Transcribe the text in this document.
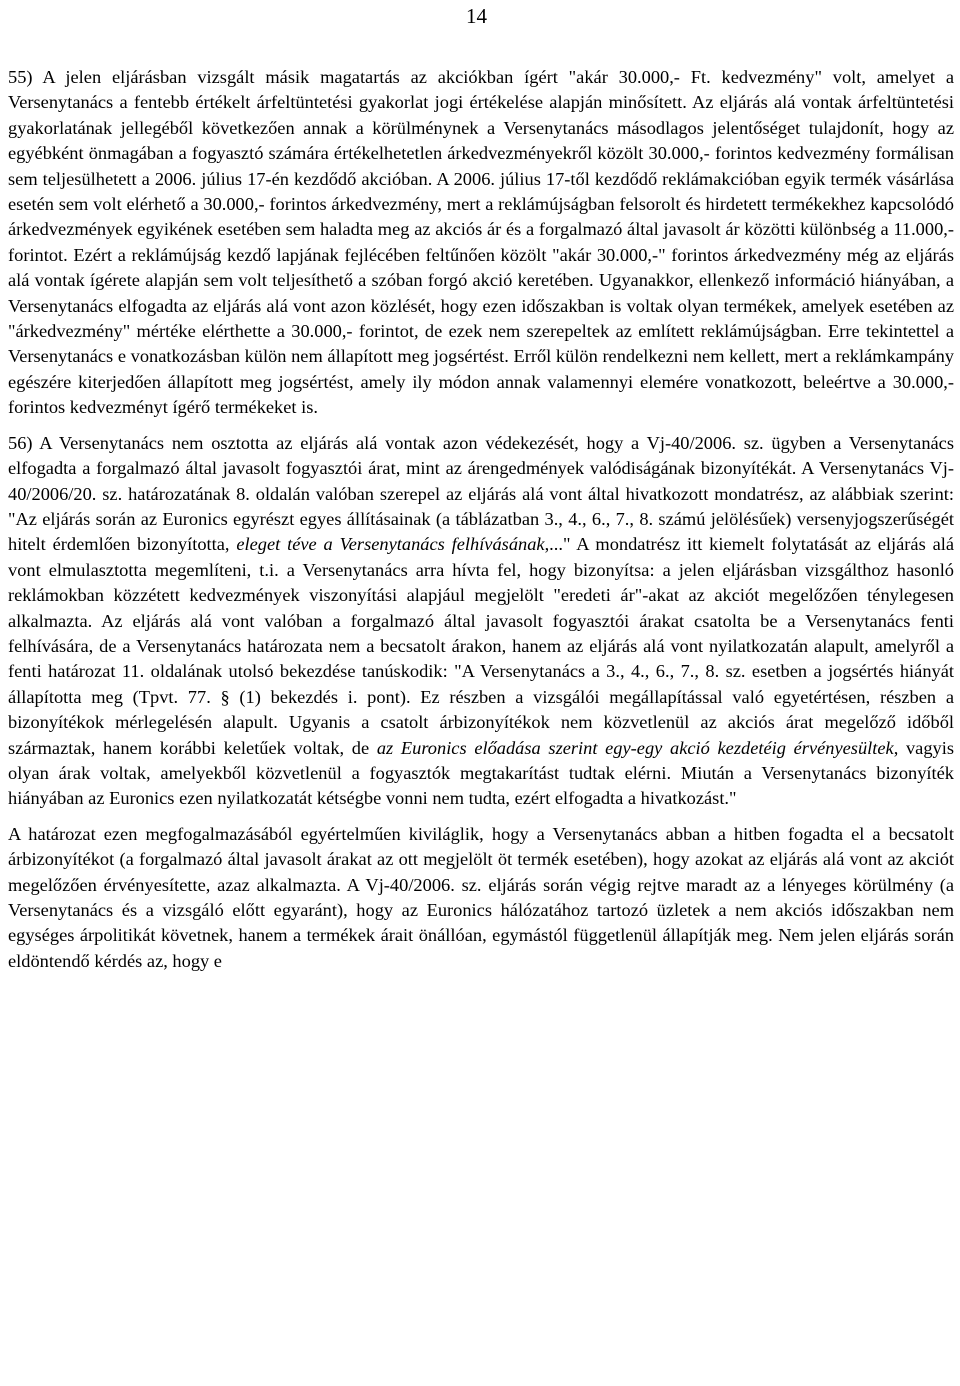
14

55) A jelen eljárásban vizsgált másik magatartás az akciókban ígért "akár 30.000,- Ft. kedvezmény" volt, amelyet a Versenytanács a fentebb értékelt árfeltüntetési gyakorlat jogi értékelése alapján minősített. Az eljárás alá vontak árfeltüntetési gyakorlatának jellegéből következően annak a körülménynek a Versenytanács másodlagos jelentőséget tulajdonít, hogy az egyébként önmagában a fogyasztó számára értékelhetetlen árkedvezményekről közölt 30.000,- forintos kedvezmény formálisan sem teljesülhetett a 2006. július 17-én kezdődő akcióban. A 2006. július 17-től kezdődő reklámakcióban egyik termék vásárlása esetén sem volt elérhető a 30.000,- forintos árkedvezmény, mert a reklámújságban felsorolt és hirdetett termékekhez kapcsolódó árkedvezmények egyikének esetében sem haladta meg az akciós ár és a forgalmazó által javasolt ár közötti különbség a 11.000,- forintot. Ezért a reklámújság kezdő lapjának fejlécében feltűnően közölt "akár 30.000,-" forintos árkedvezmény még az eljárás alá vontak ígérete alapján sem volt teljesíthető a szóban forgó akció keretében. Ugyanakkor, ellenkező információ hiányában, a Versenytanács elfogadta az eljárás alá vont azon közlését, hogy ezen időszakban is voltak olyan termékek, amelyek esetében az "árkedvezmény" mértéke elérthette a 30.000,- forintot, de ezek nem szerepeltek az említett reklámújságban. Erre tekintettel a Versenytanács e vonatkozásban külön nem állapított meg jogsértést. Erről külön rendelkezni nem kellett, mert a reklámkampány egészére kiterjedően állapított meg jogsértést, amely ily módon annak valamennyi elemére vonatkozott, beleértve a 30.000,- forintos kedvezményt ígérő termékeket is.

56) A Versenytanács nem osztotta az eljárás alá vontak azon védekezését, hogy a Vj-40/2006. sz. ügyben a Versenytanács elfogadta a forgalmazó által javasolt fogyasztói árat, mint az árengedmények valódiságának bizonyítékát. A Versenytanács Vj-40/2006/20. sz. határozatának 8. oldalán valóban szerepel az eljárás alá vont által hivatkozott mondatrész, az alábbiak szerint: "Az eljárás során az Euronics egyrészt egyes állításainak (a táblázatban 3., 4., 6., 7., 8. számú jelölésűek) versenyjogszerűségét hitelt érdemlően bizonyította, eleget téve a Versenytanács felhívásának,..." A mondatrész itt kiemelt folytatását az eljárás alá vont elmulasztotta megemlíteni, t.i. a Versenytanács arra hívta fel, hogy bizonyítsa: a jelen eljárásban vizsgálthoz hasonló reklámokban közzétett kedvezmények viszonyítási alapjául megjelölt "eredeti ár"-akat az akciót megelőzően ténylegesen alkalmazta. Az eljárás alá vont valóban a forgalmazó által javasolt fogyasztói árakat csatolta be a Versenytanács fenti felhívására, de a Versenytanács határozata nem a becsatolt árakon, hanem az eljárás alá vont nyilatkozatán alapult, amelyről a fenti határozat 11. oldalának utolsó bekezdése tanúskodik: "A Versenytanács a 3., 4., 6., 7., 8. sz. esetben a jogsértés hiányát állapította meg (Tpvt. 77. § (1) bekezdés i. pont). Ez részben a vizsgálói megállapítással való egyetértésen, részben a bizonyítékok mérlegelésén alapult. Ugyanis a csatolt árbizonyítékok nem közvetlenül az akciós árat megelőző időből származtak, hanem korábbi keletűek voltak, de az Euronics előadása szerint egy-egy akció kezdetéig érvényesültek, vagyis olyan árak voltak, amelyekből közvetlenül a fogyasztók megtakarítást tudtak elérni. Miután a Versenytanács bizonyíték hiányában az Euronics ezen nyilatkozatát kétségbe vonni nem tudta, ezért elfogadta a hivatkozást."

A határozat ezen megfogalmazásából egyértelműen kiviláglik, hogy a Versenytanács abban a hitben fogadta el a becsatolt árbizonyítékot (a forgalmazó által javasolt árakat az ott megjelölt öt termék esetében), hogy azokat az eljárás alá vont az akciót megelőzően érvényesítette, azaz alkalmazta. A Vj-40/2006. sz. eljárás során végig rejtve maradt az a lényeges körülmény (a Versenytanács és a vizsgáló előtt egyaránt), hogy az Euronics hálózatához tartozó üzletek a nem akciós időszakban nem egységes árpolitikát követnek, hanem a termékek árait önállóan, egymástól függetlenül állapítják meg. Nem jelen eljárás során eldöntendő kérdés az, hogy e
